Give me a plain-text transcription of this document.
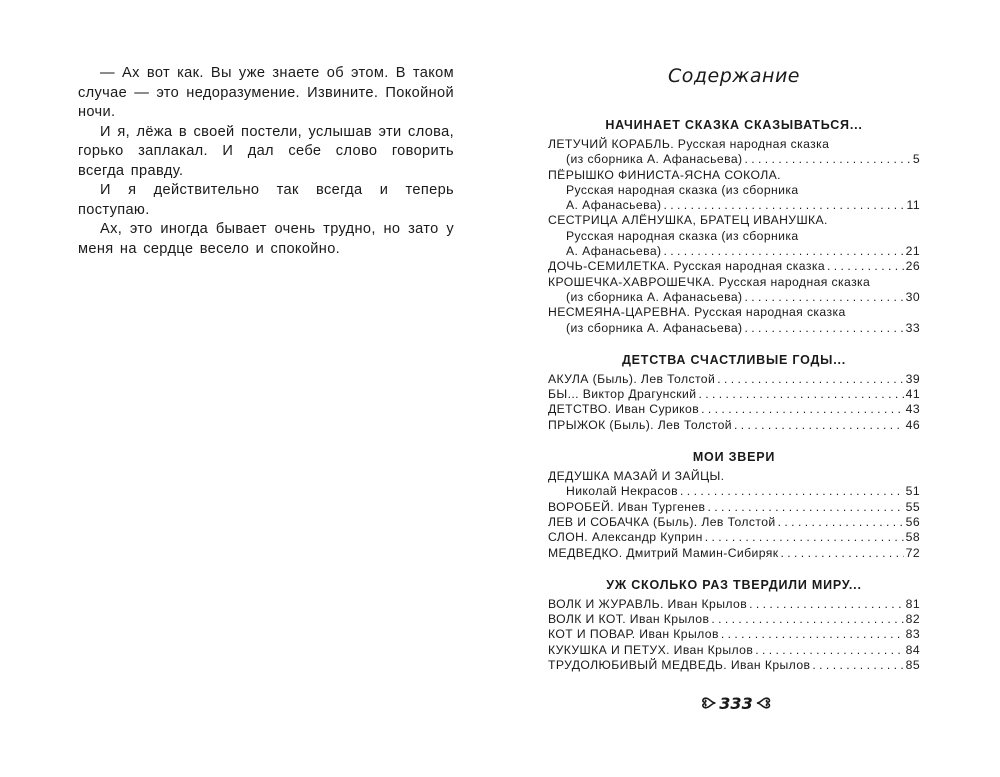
— Ах вот как. Вы уже знаете об этом. В таком случае — это недоразумение. Извините. Покойной ночи.

И я, лёжа в своей постели, услышав эти слова, горько заплакал. И дал себе слово говорить всегда правду.

И я действительно так всегда и теперь поступаю.

Ах, это иногда бывает очень трудно, но зато у меня на сердце весело и спокойно.

Содержание
НАЧИНАЕТ СКАЗКА СКАЗЫВАТЬСЯ...
ЛЕТУЧИЙ КОРАБЛЬ. Русская народная сказка
(из сборника А. Афанасьева) . . .	5
ПЁРЫШКО ФИНИСТА-ЯСНА СОКОЛА.
Русская народная сказка (из сборника
А. Афанасьева) . . .	11
СЕСТРИЦА АЛЁНУШКА, БРАТЕЦ ИВАНУШКА.
Русская народная сказка (из сборника
А. Афанасьева) . . .	21
ДОЧЬ-СЕМИЛЕТКА. Русская народная сказка . . .	26
КРОШЕЧКА-ХАВРОШЕЧКА. Русская народная сказка
(из сборника А. Афанасьева) . . .	30
НЕСМЕЯНА-ЦАРЕВНА. Русская народная сказка
(из сборника А. Афанасьева) . . .	33
ДЕТСТВА СЧАСТЛИВЫЕ ГОДЫ...
АКУЛА (Быль). Лев Толстой . . .	39
БЫ... Виктор Драгунский . . .	41
ДЕТСТВО. Иван Суриков . . .	43
ПРЫЖОК (Быль). Лев Толстой . . .	46
МОИ ЗВЕРИ
ДЕДУШКА МАЗАЙ И ЗАЙЦЫ.
Николай Некрасов . . .	51
ВОРОБЕЙ. Иван Тургенев . . .	55
ЛЕВ И СОБАЧКА (Быль). Лев Толстой . . .	56
СЛОН. Александр Куприн . . .	58
МЕДВЕДКО. Дмитрий Мамин-Сибиряк . . .	72
УЖ СКОЛЬКО РАЗ ТВЕРДИЛИ МИРУ...
ВОЛК И ЖУРАВЛЬ. Иван Крылов . . .	81
ВОЛК И КОТ. Иван Крылов . . .	82
КОТ И ПОВАР. Иван Крылов . . .	83
КУКУШКА И ПЕТУХ. Иван Крылов . . .	84
ТРУДОЛЮБИВЫЙ МЕДВЕДЬ. Иван Крылов . . .	85
333
